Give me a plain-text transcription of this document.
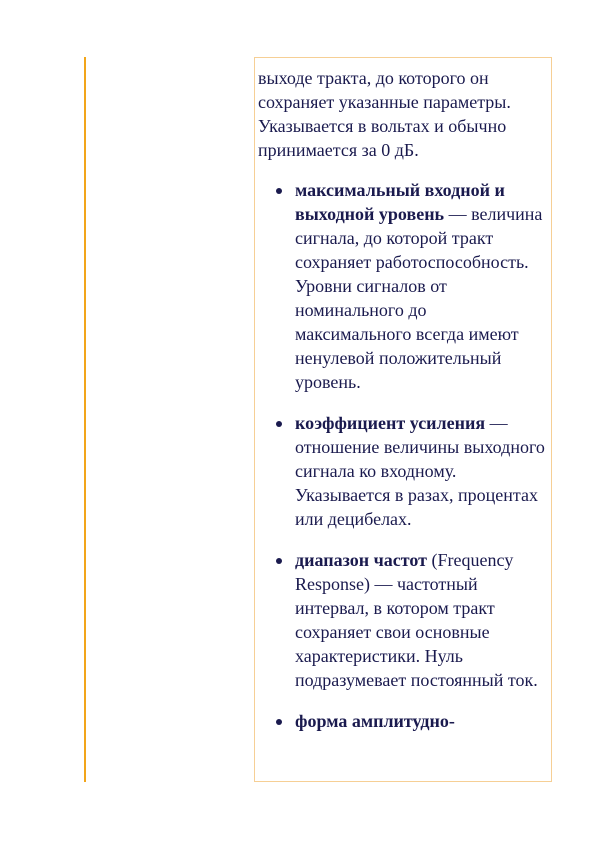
выходе тракта, до которого он сохраняет указанные параметры. Указывается в вольтах и обычно принимается за 0 дБ.

максимальный входной и выходной уровень — величина сигнала, до которой тракт сохраняет работоспособность. Уровни сигналов от номинального до максимального всегда имеют ненулевой положительный уровень.
коэффициент усиления — отношение величины выходного сигнала ко входному. Указывается в разах, процентах или децибелах.
диапазон частот (Frequency Response) — частотный интервал, в котором тракт сохраняет свои основные характеристики. Нуль подразумевает постоянный ток.
форма амплитудно-
